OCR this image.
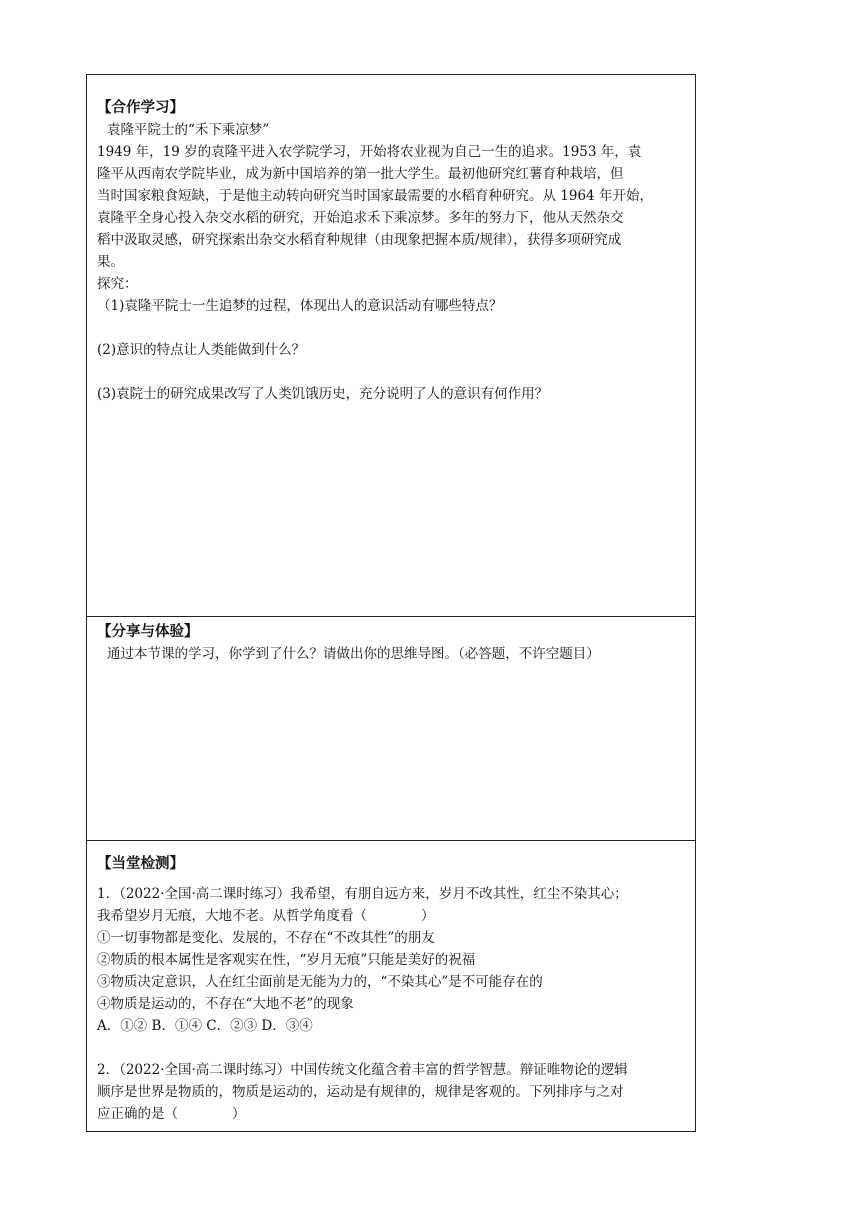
【合作学习】

袁隆平院士的“禾下乘凉梦”

1949 年，19 岁的袁隆平进入农学院学习，开始将农业视为自己一生的追求。1953 年，袁

隆平从西南农学院毕业，成为新中国培养的第一批大学生。最初他研究红薯育种栽培，但

当时国家粮食短缺，于是他主动转向研究当时国家最需要的水稻育种研究。从 1964 年开始，

袁隆平全身心投入杂交水稻的研究，开始追求禾下乘凉梦。多年的努力下，他从天然杂交

稻中汲取灵感，研究探索出杂交水稻育种规律（由现象把握本质/规律），获得多项研究成

果。

探究：

（1)袁隆平院士一生追梦的过程，体现出人的意识活动有哪些特点？

(2)意识的特点让人类能做到什么？

(3)袁院士的研究成果改写了人类饥饿历史，充分说明了人的意识有何作用？

【分享与体验】

通过本节课的学习，你学到了什么？请做出你的思维导图。（必答题，不许空题目）

【当堂检测】

1．（2022·全国·高二课时练习）我希望，有朋自远方来，岁月不改其性，红尘不染其心；

我希望岁月无痕，大地不老。从哲学角度看（　　　　）

①一切事物都是变化、发展的，不存在“不改其性”的朋友

②物质的根本属性是客观实在性，“岁月无痕”只能是美好的祝福

③物质决定意识，人在红尘面前是无能为力的，“不染其心”是不可能存在的

④物质是运动的，不存在“大地不老”的现象

A．①② B．①④ C．②③ D．③④

2．（2022·全国·高二课时练习）中国传统文化蕴含着丰富的哲学智慧。辩证唯物论的逻辑

顺序是世界是物质的，物质是运动的，运动是有规律的，规律是客观的。下列排序与之对

应正确的是（　　　　）
